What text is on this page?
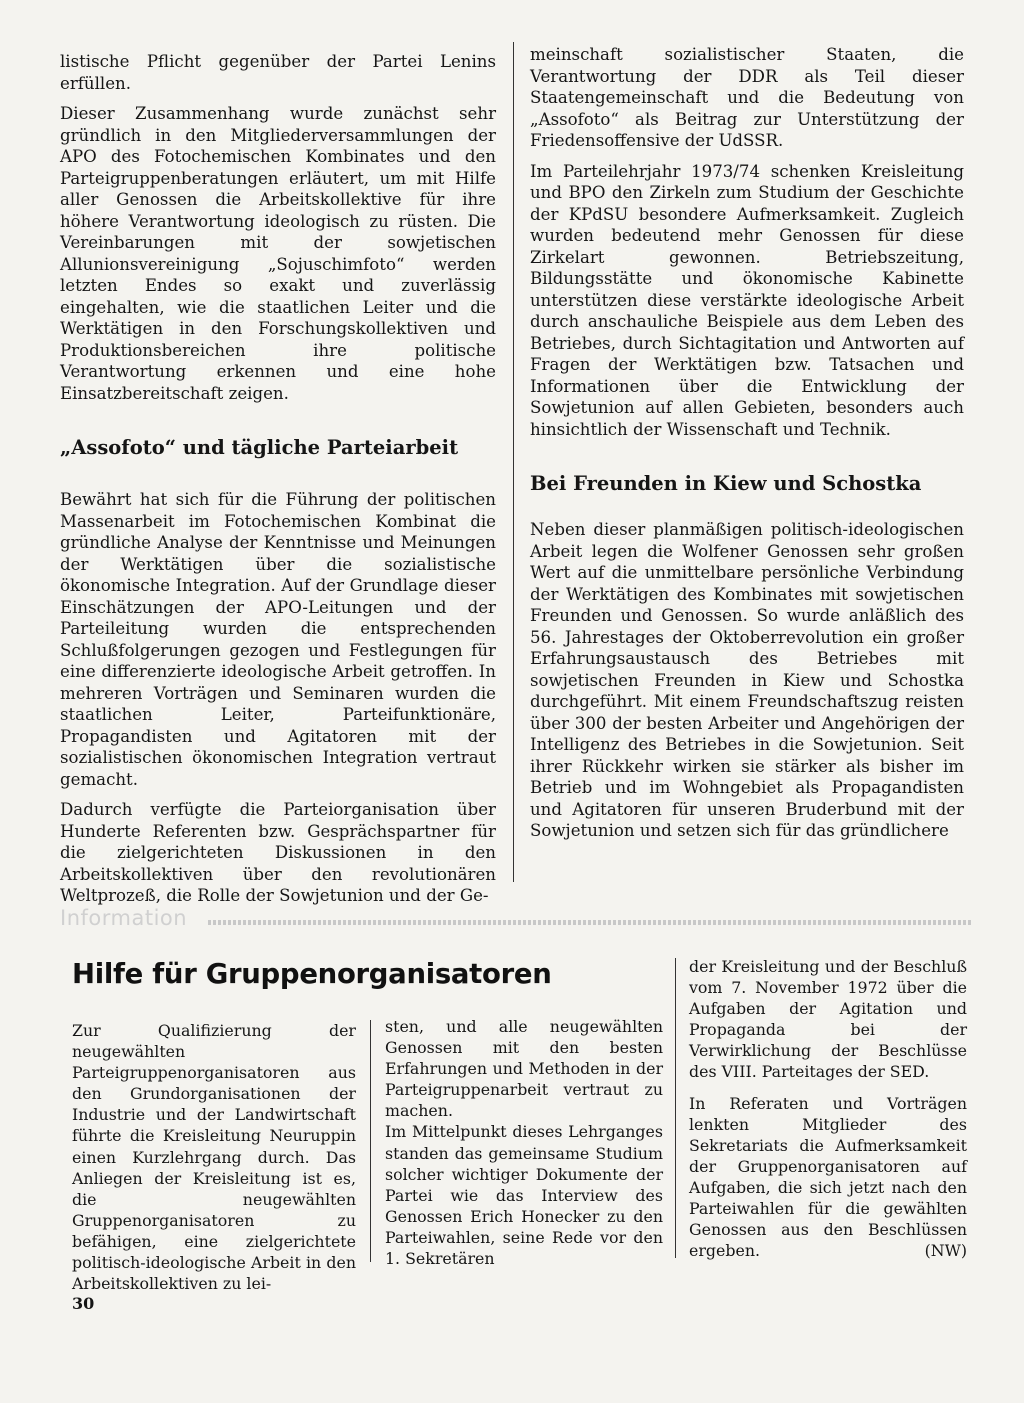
listische Pflicht gegenüber der Partei Lenins erfüllen.

Dieser Zusammenhang wurde zunächst sehr gründlich in den Mitgliederversammlungen der APO des Fotochemischen Kombinates und den Parteigruppenberatungen erläutert, um mit Hilfe aller Genossen die Arbeitskollektive für ihre höhere Verantwortung ideologisch zu rüsten. Die Vereinbarungen mit der sowjetischen Allunionsvereinigung „Sojuschimfoto“ werden letzten Endes so exakt und zuverlässig eingehalten, wie die staatlichen Leiter und die Werktätigen in den Forschungskollektiven und Produktionsbereichen ihre politische Verantwortung erkennen und eine hohe Einsatzbereitschaft zeigen.

„Assofoto“ und tägliche Parteiarbeit

Bewährt hat sich für die Führung der politischen Massenarbeit im Fotochemischen Kombinat die gründliche Analyse der Kenntnisse und Meinungen der Werktätigen über die sozialistische ökonomische Integration. Auf der Grundlage dieser Einschätzungen der APO-Leitungen und der Parteileitung wurden die entsprechenden Schlußfolgerungen gezogen und Festlegungen für eine differenzierte ideologische Arbeit getroffen. In mehreren Vorträgen und Seminaren wurden die staatlichen Leiter, Parteifunktionäre, Propagandisten und Agitatoren mit der sozialistischen ökonomischen Integration vertraut gemacht.

Dadurch verfügte die Parteiorganisation über Hunderte Referenten bzw. Gesprächspartner für die zielgerichteten Diskussionen in den Arbeitskollektiven über den revolutionären Weltprozeß, die Rolle der Sowjetunion und der Ge-

meinschaft sozialistischer Staaten, die Verantwortung der DDR als Teil dieser Staatengemeinschaft und die Bedeutung von „Assofoto“ als Beitrag zur Unterstützung der Friedensoffensive der UdSSR.

Im Parteilehrjahr 1973/74 schenken Kreisleitung und BPO den Zirkeln zum Studium der Geschichte der KPdSU besondere Aufmerksamkeit. Zugleich wurden bedeutend mehr Genossen für diese Zirkelart gewonnen. Betriebszeitung, Bildungsstätte und ökonomische Kabinette unterstützen diese verstärkte ideologische Arbeit durch anschauliche Beispiele aus dem Leben des Betriebes, durch Sichtagitation und Antworten auf Fragen der Werktätigen bzw. Tatsachen und Informationen über die Entwicklung der Sowjetunion auf allen Gebieten, besonders auch hinsichtlich der Wissenschaft und Technik.

Bei Freunden in Kiew und Schostka

Neben dieser planmäßigen politisch-ideologischen Arbeit legen die Wolfener Genossen sehr großen Wert auf die unmittelbare persönliche Verbindung der Werktätigen des Kombinates mit sowjetischen Freunden und Genossen. So wurde anläßlich des 56. Jahrestages der Oktoberrevolution ein großer Erfahrungsaustausch des Betriebes mit sowjetischen Freunden in Kiew und Schostka durchgeführt. Mit einem Freundschaftszug reisten über 300 der besten Arbeiter und Angehörigen der Intelligenz des Betriebes in die Sowjetunion. Seit ihrer Rückkehr wirken sie stärker als bisher im Betrieb und im Wohngebiet als Propagandisten und Agitatoren für unseren Bruderbund mit der Sowjetunion und setzen sich für das gründlichere

Information
Hilfe für Gruppenorganisatoren

Zur Qualifizierung der neugewählten Parteigruppenorganisatoren aus den Grundorganisationen der Industrie und der Landwirtschaft führte die Kreisleitung Neuruppin einen Kurzlehrgang durch. Das Anliegen der Kreisleitung ist es, die neugewählten Gruppenorganisatoren zu befähigen, eine zielgerichtete politisch-ideologische Arbeit in den Arbeitskollektiven zu lei-

sten, und alle neugewählten Genossen mit den besten Erfahrungen und Methoden in der Parteigruppenarbeit vertraut zu machen.

Im Mittelpunkt dieses Lehrganges standen das gemeinsame Studium solcher wichtiger Dokumente der Partei wie das Interview des Genossen Erich Honecker zu den Parteiwahlen, seine Rede vor den 1. Sekretären

der Kreisleitung und der Beschluß vom 7. November 1972 über die Aufgaben der Agitation und Propaganda bei der Verwirklichung der Beschlüsse des VIII. Parteitages der SED.

In Referaten und Vorträgen lenkten Mitglieder des Sekretariats die Aufmerksamkeit der Gruppenorganisatoren auf Aufgaben, die sich jetzt nach den Parteiwahlen für die gewählten Genossen aus den Beschlüssen ergeben.	(NW)

30
